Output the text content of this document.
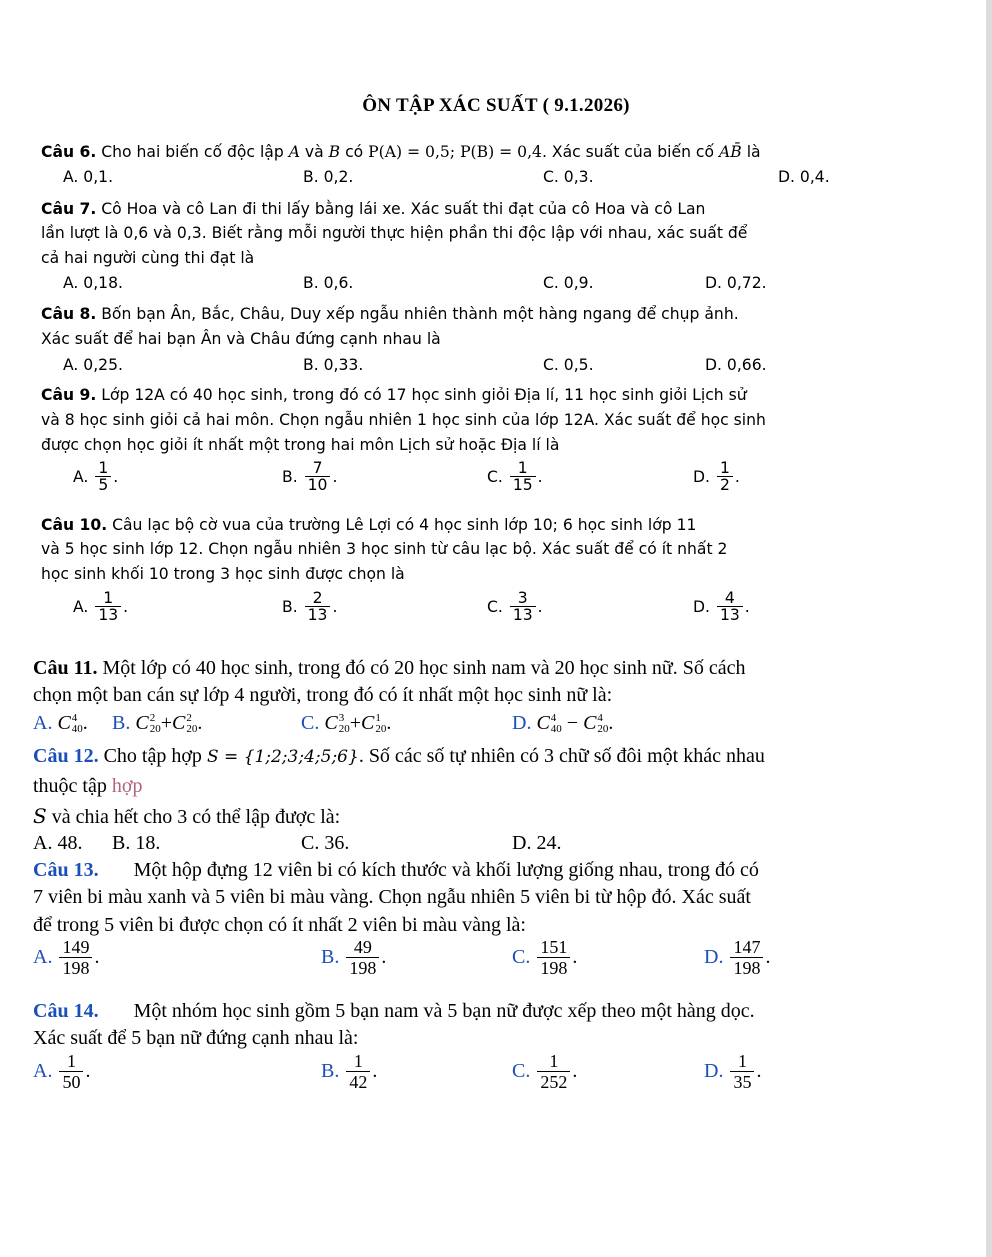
ÔN TẬP XÁC SUẤT ( 9.1.2026)
Câu 6. Cho hai biến cố độc lập A và B có P(A) = 0,5; P(B) = 0,4. Xác suất của biến cố AB̄ là
A. 0,1.	B. 0,2.	C. 0,3.	D. 0,4.
Câu 7. Cô Hoa và cô Lan đi thi lấy bằng lái xe. Xác suất thi đạt của cô Hoa và cô Lan
lần lượt là 0,6 và 0,3. Biết rằng mỗi người thực hiện phần thi độc lập với nhau, xác suất để
cả hai người cùng thi đạt là
A. 0,18.	B. 0,6.	C. 0,9.	D. 0,72.
Câu 8. Bốn bạn Ân, Bắc, Châu, Duy xếp ngẫu nhiên thành một hàng ngang để chụp ảnh.
Xác suất để hai bạn Ân và Châu đứng cạnh nhau là
A. 0,25.	B. 0,33.	C. 0,5.	D. 0,66.
Câu 9. Lớp 12A có 40 học sinh, trong đó có 17 học sinh giỏi Địa lí, 11 học sinh giỏi Lịch sử
và 8 học sinh giỏi cả hai môn. Chọn ngẫu nhiên 1 học sinh của lớp 12A. Xác suất để học sinh
được chọn học giỏi ít nhất một trong hai môn Lịch sử hoặc Địa lí là
A. $\frac{1}{5}$ .	B. $\frac{7}{10}$ .	C. $\frac{1}{15}$ .	D. $\frac{1}{2}$ .
Câu 10. Câu lạc bộ cờ vua của trường Lê Lợi có 4 học sinh lớp 10; 6 học sinh lớp 11
và 5 học sinh lớp 12. Chọn ngẫu nhiên 3 học sinh từ câu lạc bộ. Xác suất để có ít nhất 2
học sinh khối 10 trong 3 học sinh được chọn là
A. $\frac{1}{13}$ .	B. $\frac{2}{13}$ .	C. $\frac{3}{13}$ .	D. $\frac{4}{13}$ .
Câu 11. Một lớp có 40 học sinh, trong đó có 20 học sinh nam và 20 học sinh nữ. Số cách
chọn một ban cán sự lớp 4 người, trong đó có ít nhất một học sinh nữ là:
A. C 4
40 . B. C 2
20 +C 2
20 .	C. C 3
20 +C 1
20 .	D. C 4
40 − C 4
20 .
Câu 12. Cho tập hợp S = {1;2;3;4;5;6}. Số các số tự nhiên có 3 chữ số đôi một khác nhau
thuộc tập hợp
S và chia hết cho 3 có thể lập được là:
A. 48. B. 18.	C. 36.	D. 24.
Câu 13.       Một hộp đựng 12 viên bi có kích thước và khối lượng giống nhau, trong đó có
7 viên bi màu xanh và 5 viên bi màu vàng. Chọn ngẫu nhiên 5 viên bi từ hộp đó. Xác suất
để trong 5 viên bi được chọn có ít nhất 2 viên bi màu vàng là:
A. $\frac{149}{198}$ .	B. $\frac{49}{198}$ .	C. $\frac{151}{198}$ .	D. $\frac{147}{198}$ .
Câu 14.       Một nhóm học sinh gồm 5 bạn nam và 5 bạn nữ được xếp theo một hàng dọc.
Xác suất để 5 bạn nữ đứng cạnh nhau là:
A. $\frac{1}{50}$ .	B. $\frac{1}{42}$ .	C. $\frac{1}{252}$ .	D. $\frac{1}{35}$ .
